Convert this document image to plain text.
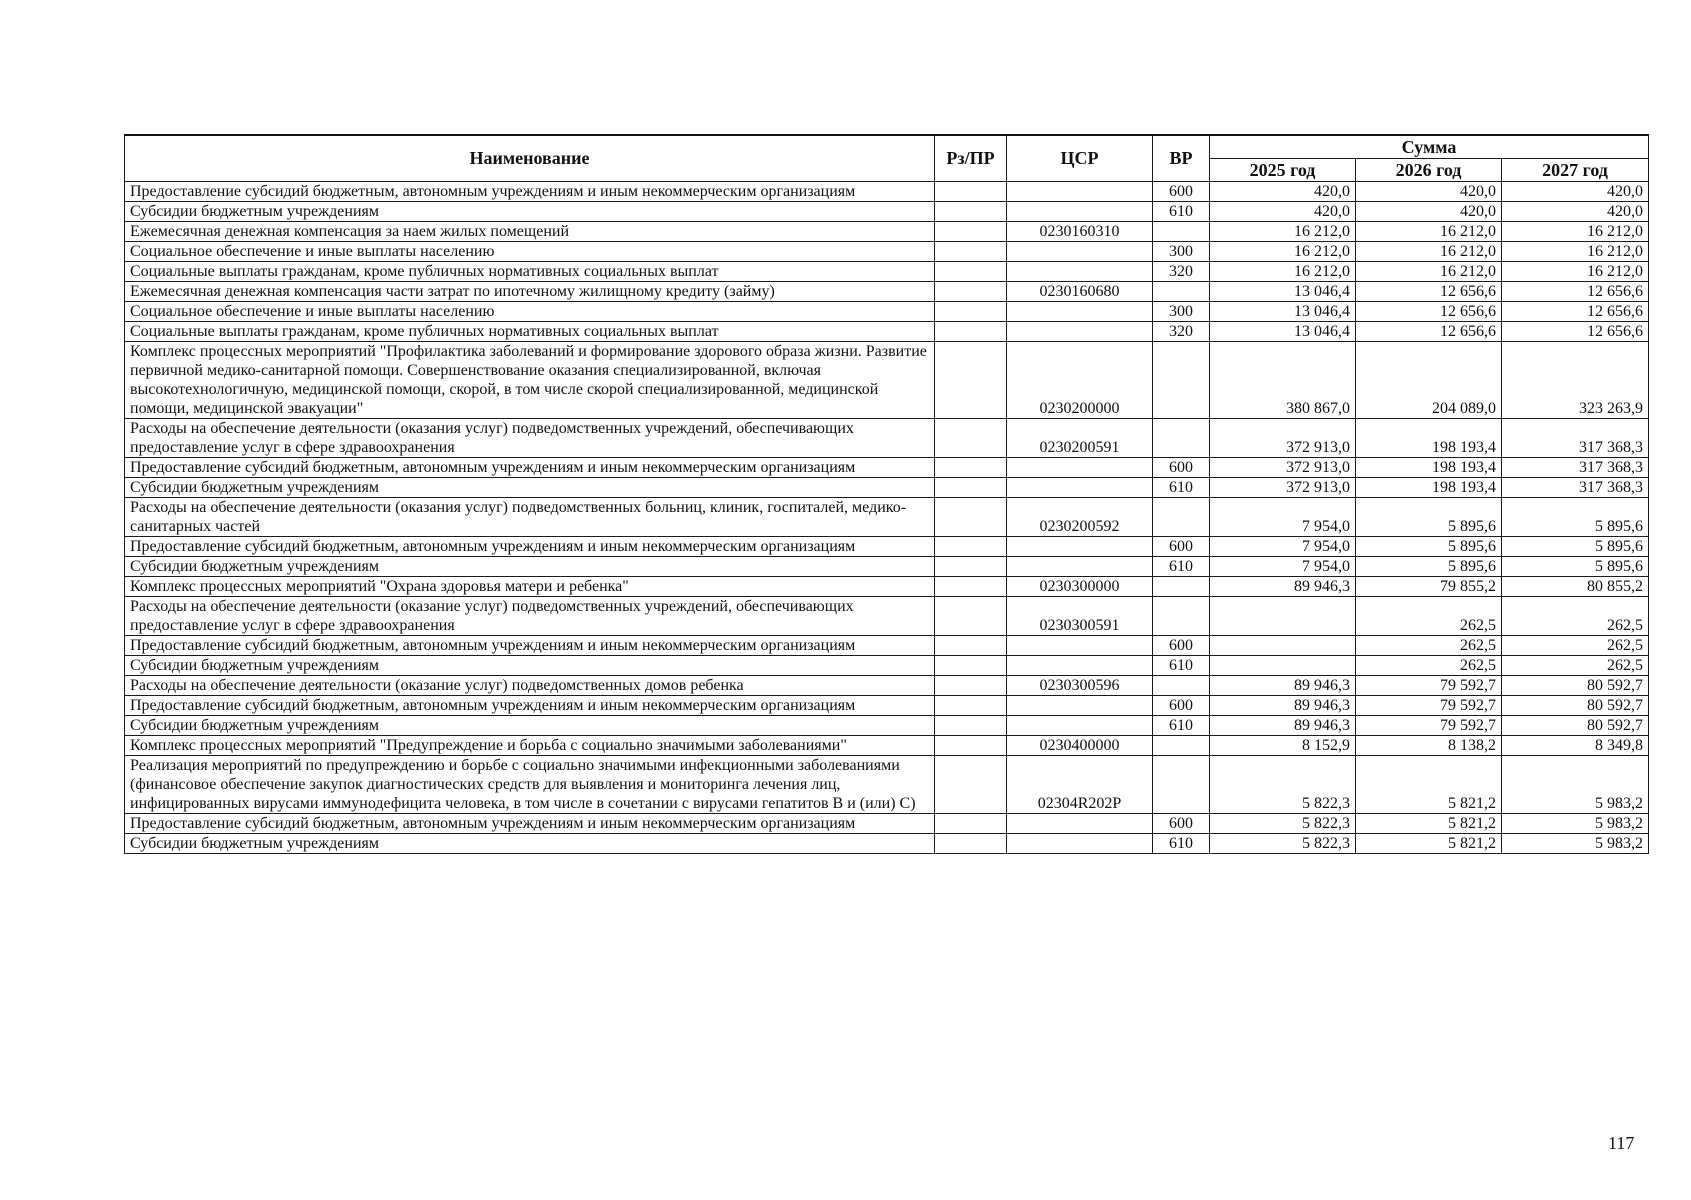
Наименование	Рз/ПР	ЦСР	ВР	Сумма		
				2025 год	2026 год	2027 год
Предоставление субсидий бюджетным, автономным учреждениям и иным некоммерческим организациям			600	420,0	420,0	420,0
Субсидии бюджетным учреждениям			610	420,0	420,0	420,0
Ежемесячная денежная компенсация за наем жилых помещений		0230160310		16 212,0	16 212,0	16 212,0
Социальное обеспечение и иные выплаты населению			300	16 212,0	16 212,0	16 212,0
Социальные выплаты гражданам, кроме публичных нормативных социальных выплат			320	16 212,0	16 212,0	16 212,0
Ежемесячная денежная компенсация части затрат по ипотечному жилищному кредиту (займу)		0230160680		13 046,4	12 656,6	12 656,6
Социальное обеспечение и иные выплаты населению			300	13 046,4	12 656,6	12 656,6
Социальные выплаты гражданам, кроме публичных нормативных социальных выплат			320	13 046,4	12 656,6	12 656,6
Комплекс процессных мероприятий "Профилактика заболеваний и формирование здорового образа жизни. Развитие первичной медико-санитарной помощи. Совершенствование оказания специализированной, включая высокотехнологичную, медицинской помощи, скорой, в том числе скорой специализированной, медицинской помощи, медицинской эвакуации"		0230200000		380 867,0	204 089,0	323 263,9
Расходы на обеспечение деятельности (оказания услуг) подведомственных учреждений, обеспечивающих предоставление услуг в сфере здравоохранения		0230200591		372 913,0	198 193,4	317 368,3
Предоставление субсидий бюджетным, автономным учреждениям и иным некоммерческим организациям			600	372 913,0	198 193,4	317 368,3
Субсидии бюджетным учреждениям			610	372 913,0	198 193,4	317 368,3
Расходы на обеспечение деятельности (оказания услуг) подведомственных больниц, клиник, госпиталей, медико-санитарных частей		0230200592		7 954,0	5 895,6	5 895,6
Предоставление субсидий бюджетным, автономным учреждениям и иным некоммерческим организациям			600	7 954,0	5 895,6	5 895,6
Субсидии бюджетным учреждениям			610	7 954,0	5 895,6	5 895,6
Комплекс процессных мероприятий "Охрана здоровья матери и ребенка"		0230300000		89 946,3	79 855,2	80 855,2
Расходы на обеспечение деятельности (оказание услуг) подведомственных учреждений, обеспечивающих предоставление услуг в сфере здравоохранения		0230300591			262,5	262,5
Предоставление субсидий бюджетным, автономным учреждениям и иным некоммерческим организациям			600		262,5	262,5
Субсидии бюджетным учреждениям			610		262,5	262,5
Расходы на обеспечение деятельности (оказание услуг) подведомственных домов ребенка		0230300596		89 946,3	79 592,7	80 592,7
Предоставление субсидий бюджетным, автономным учреждениям и иным некоммерческим организациям			600	89 946,3	79 592,7	80 592,7
Субсидии бюджетным учреждениям			610	89 946,3	79 592,7	80 592,7
Комплекс процессных мероприятий "Предупреждение и борьба с социально значимыми заболеваниями"		0230400000		8 152,9	8 138,2	8 349,8
Реализация мероприятий по предупреждению и борьбе с социально значимыми инфекционными заболеваниями (финансовое обеспечение закупок диагностических средств для выявления и мониторинга лечения лиц, инфицированных вирусами иммунодефицита человека, в том числе в сочетании с вирусами гепатитов В и (или) С)		02304R202P		5 822,3	5 821,2	5 983,2
Предоставление субсидий бюджетным, автономным учреждениям и иным некоммерческим организациям			600	5 822,3	5 821,2	5 983,2
Субсидии бюджетным учреждениям			610	5 822,3	5 821,2	5 983,2
117
